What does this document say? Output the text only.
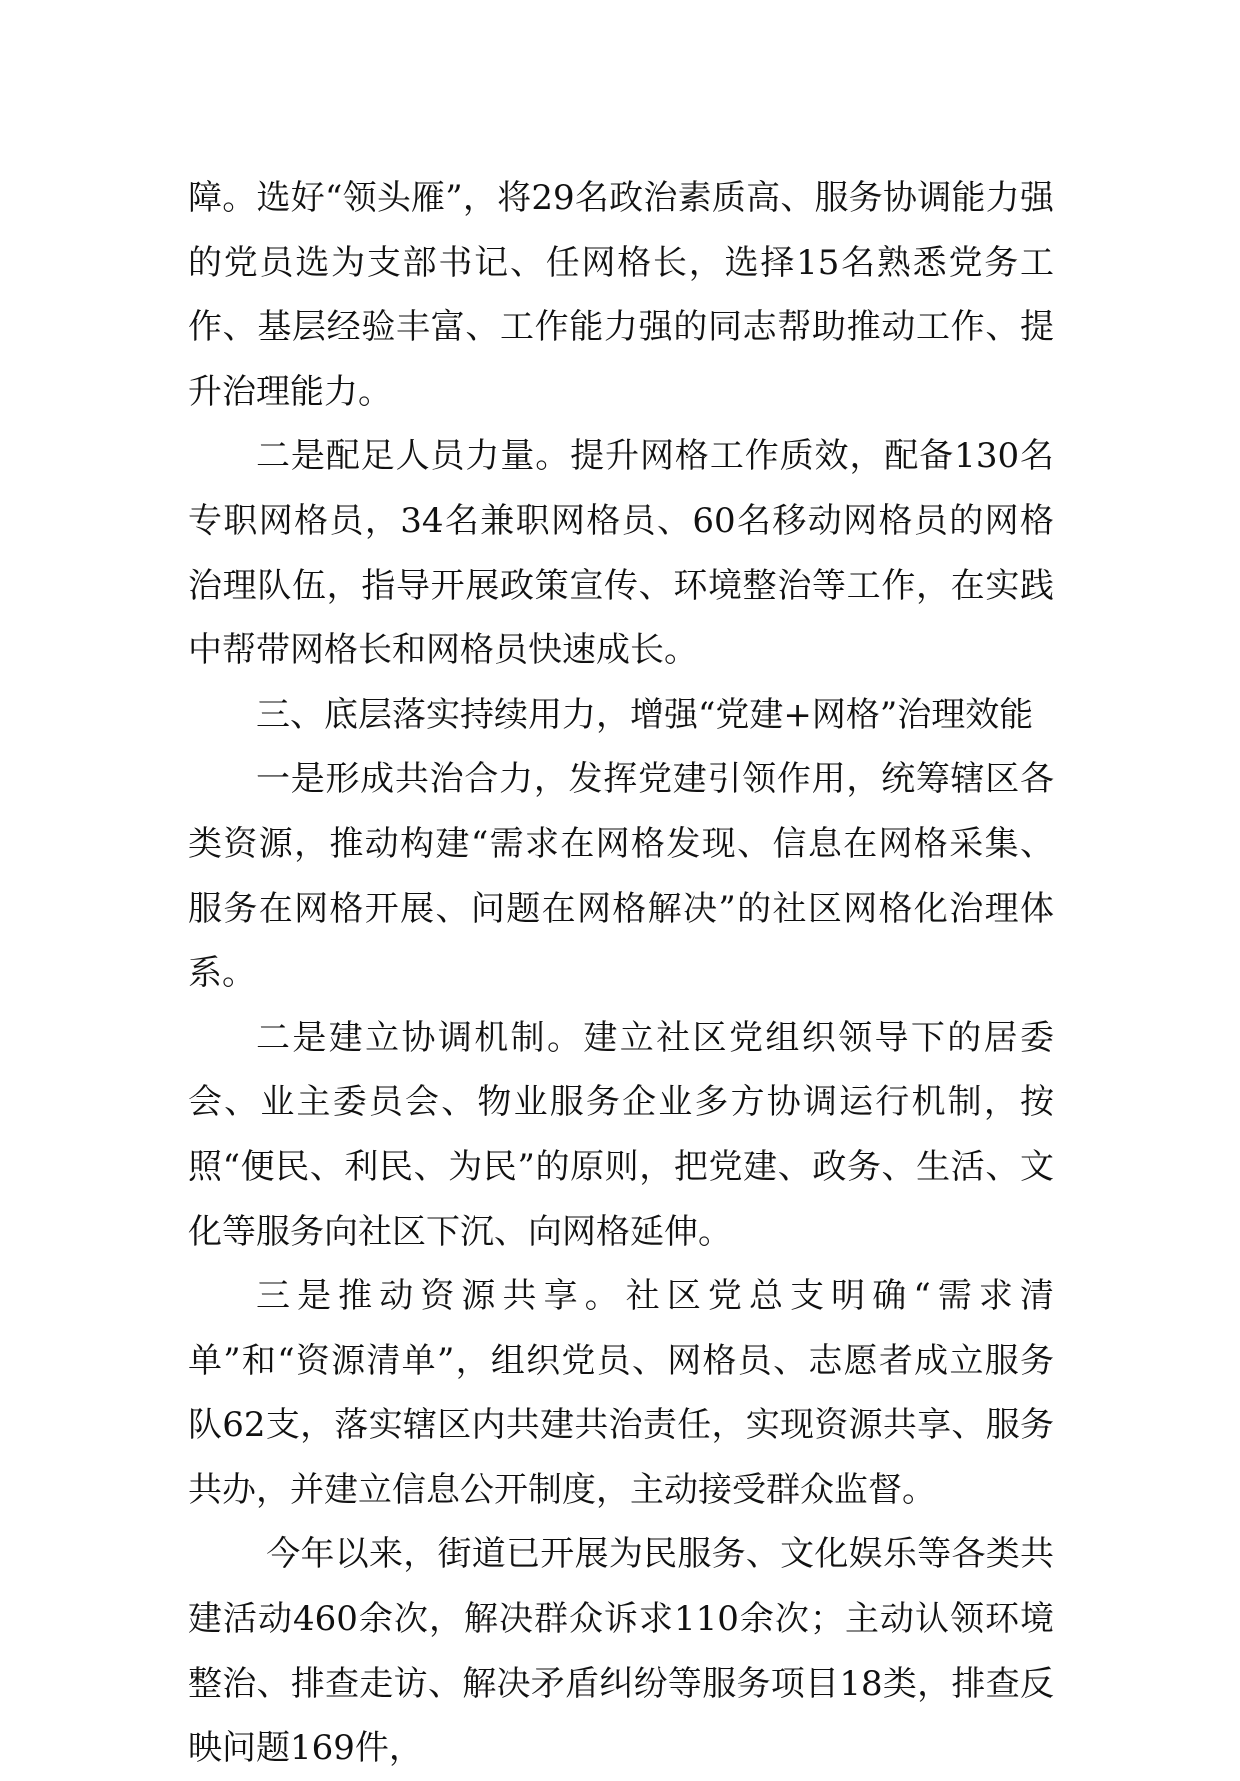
障。选好“领头雁”，将29名政治素质高、服务协调能力强的党员选为支部书记、任网格长，选择15名熟悉党务工作、基层经验丰富、工作能力强的同志帮助推动工作、提升治理能力。

二是配足人员力量。提升网格工作质效，配备130名专职网格员，34名兼职网格员、60名移动网格员的网格治理队伍，指导开展政策宣传、环境整治等工作，在实践中帮带网格长和网格员快速成长。

三、底层落实持续用力，增强“党建+网格”治理效能

一是形成共治合力，发挥党建引领作用，统筹辖区各类资源，推动构建“需求在网格发现、信息在网格采集、服务在网格开展、问题在网格解决”的社区网格化治理体系。

二是建立协调机制。建立社区党组织领导下的居委会、业主委员会、物业服务企业多方协调运行机制，按照“便民、利民、为民”的原则，把党建、政务、生活、文化等服务向社区下沉、向网格延伸。

三是推动资源共享。社区党总支明确“需求清单”和“资源清单”，组织党员、网格员、志愿者成立服务队62支，落实辖区内共建共治责任，实现资源共享、服务共办，并建立信息公开制度，主动接受群众监督。

今年以来，街道已开展为民服务、文化娱乐等各类共建活动460余次，解决群众诉求110余次；主动认领环境整治、排查走访、解决矛盾纠纷等服务项目18类，排查反映问题169件，
